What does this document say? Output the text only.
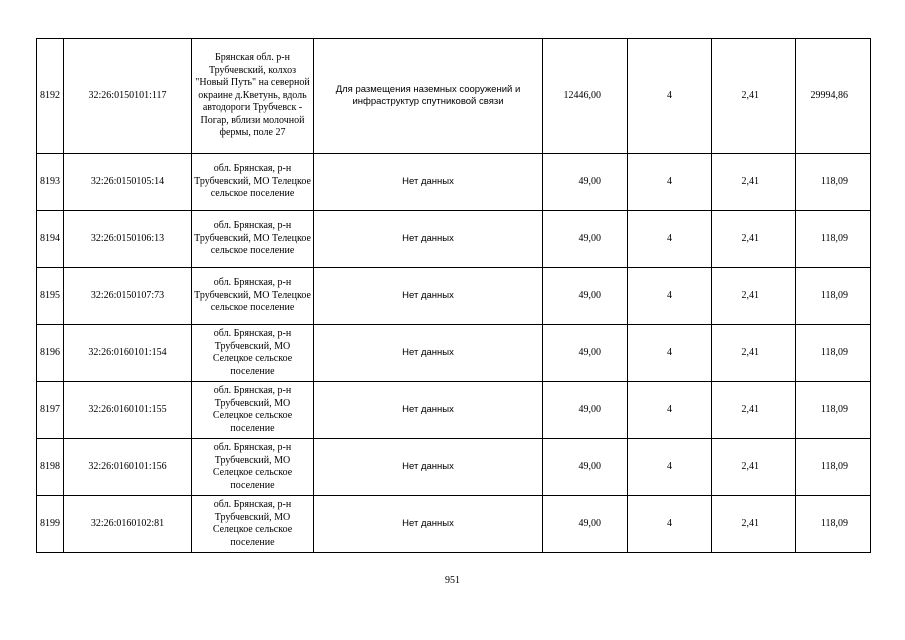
8192	32:26:0150101:117	Брянская обл. р-н Трубчевский, колхоз "Новый Путь" на северной окраине д.Кветунь, вдоль автодороги Трубчевск - Погар, вблизи молочной фермы, поле 27	Для размещения наземных сооружений и инфраструктур спутниковой связи	12446,00	4	2,41	29994,86
8193	32:26:0150105:14	обл. Брянская, р-н Трубчевский, МО Телецкое сельское поселение	Нет данных	49,00	4	2,41	118,09
8194	32:26:0150106:13	обл. Брянская, р-н Трубчевский, МО Телецкое сельское поселение	Нет данных	49,00	4	2,41	118,09
8195	32:26:0150107:73	обл. Брянская, р-н Трубчевский, МО Телецкое сельское поселение	Нет данных	49,00	4	2,41	118,09
8196	32:26:0160101:154	обл. Брянская, р-н Трубчевский, МО Селецкое сельское поселение	Нет данных	49,00	4	2,41	118,09
8197	32:26:0160101:155	обл. Брянская, р-н Трубчевский, МО Селецкое сельское поселение	Нет данных	49,00	4	2,41	118,09
8198	32:26:0160101:156	обл. Брянская, р-н Трубчевский, МО Селецкое сельское поселение	Нет данных	49,00	4	2,41	118,09
8199	32:26:0160102:81	обл. Брянская, р-н Трубчевский, МО Селецкое сельское поселение	Нет данных	49,00	4	2,41	118,09
951
